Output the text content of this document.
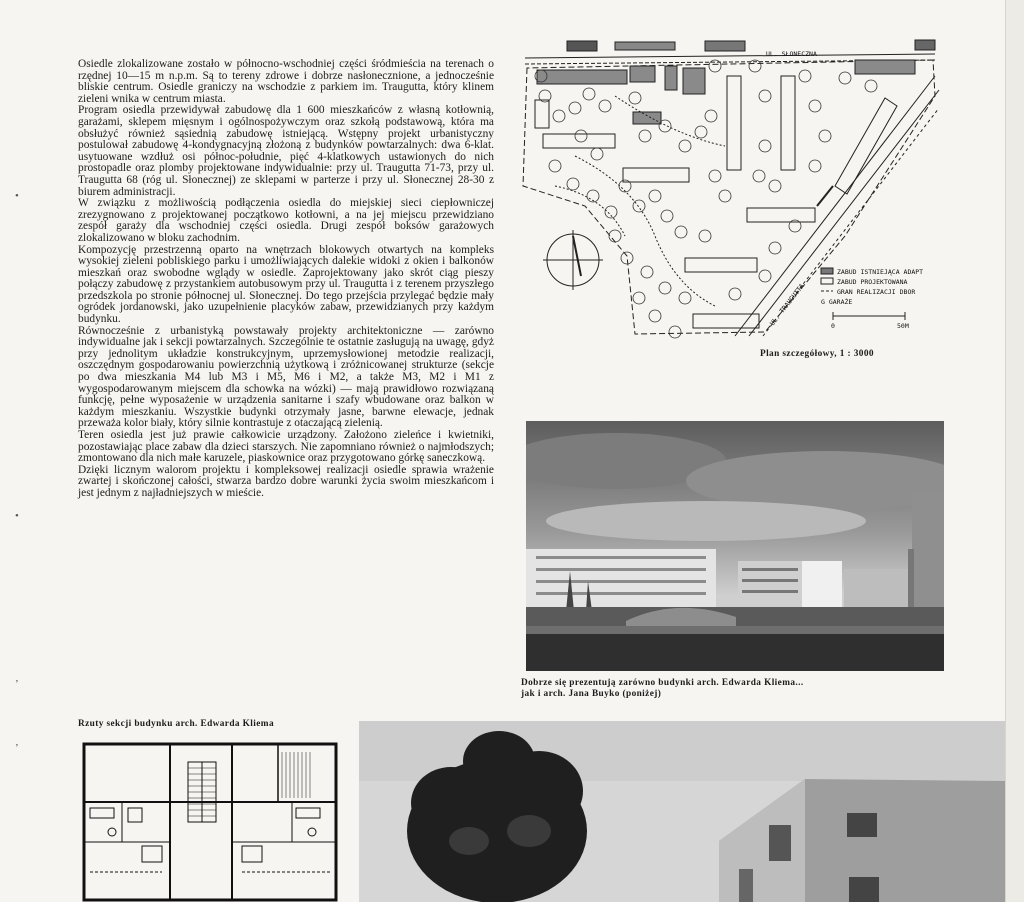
•
•
ʼ
ʼ

Osiedle zlokalizowane zostało w północno-wschodniej części śródmieścia na terenach o rzędnej 10—15 m n.p.m. Są to tereny zdrowe i dobrze nasłonecznione, a jednocześnie bliskie centrum. Osiedle graniczy na wschodzie z parkiem im. Traugutta, który klinem zieleni wnika w centrum miasta.

Program osiedla przewidywał zabudowę dla 1 600 mieszkańców z własną kotłownią, garażami, sklepem mięsnym i ogólnospożywczym oraz szkołą podstawową, która ma obsłużyć również sąsiednią zabudowę istniejącą. Wstępny projekt urbanistyczny postulował zabudowę 4-kondygnacyjną złożoną z budynków powtarzalnych: dwa 6-klat. usytuowane wzdłuż osi północ-południe, pięć 4-klatkowych ustawionych do nich prostopadle oraz plomby projektowane indywidualnie: przy ul. Traugutta 71-73, przy ul. Traugutta 68 (róg ul. Słonecznej) ze sklepami w parterze i przy ul. Słonecznej 28-30 z biurem administracji.

W związku z możliwością podłączenia osiedla do miejskiej sieci ciepłowniczej zrezygnowano z projektowanej początkowo kotłowni, a na jej miejscu przewidziano zespół garaży dla wschodniej części osiedla. Drugi zespół boksów garażowych zlokalizowano w bloku zachodnim.

Kompozycję przestrzenną oparto na wnętrzach blokowych otwartych na kompleks wysokiej zieleni pobliskiego parku i umożliwiających dalekie widoki z okien i balkonów mieszkań oraz swobodne wglądy w osiedle. Zaprojektowany jako skrót ciąg pieszy połączy zabudowę z przystankiem autobusowym przy ul. Traugutta i z terenem przyszłego przedszkola po stronie północnej ul. Słonecznej. Do tego przejścia przylegać będzie mały ogródek jordanowski, jako uzupełnienie placyków zabaw, przewidzianych przy każdym budynku.

Równocześnie z urbanistyką powstawały projekty architektoniczne — zarówno indywidualne jak i sekcji powtarzalnych. Szczególnie te ostatnie zasługują na uwagę, gdyż przy jednolitym układzie konstrukcyjnym, uprzemysłowionej metodzie realizacji, oszczędnym gospodarowaniu powierzchnią użytkową i zróżnicowanej strukturze (sekcje po dwa mieszkania M4 lub M3 i M5, M6 i M2, a także M3, M2 i M1 z wygospodarowanym miejscem dla schowka na wózki) — mają prawidłowo rozwiązaną funkcję, pełne wyposażenie w urządzenia sanitarne i szafy wbudowane oraz balkon w każdym mieszkaniu. Wszystkie budynki otrzymały jasne, barwne elewacje, jednak przeważa kolor biały, który silnie kontrastuje z otaczającą zielenią.

Teren osiedla jest już prawie całkowicie urządzony. Założono zieleńce i kwietniki, pozostawiając place zabaw dla dzieci starszych. Nie zapomniano również o najmłodszych; zmontowano dla nich małe karuzele, piaskownice oraz przygotowano górkę saneczkową.

Dzięki licznym walorom projektu i kompleksowej realizacji osiedle sprawia wrażenie zwartej i skończonej całości, stwarza bardzo dobre warunki życia swoim mieszkańcom i jest jednym z najładniejszych w mieście.

UL. SŁONECZNA
UL. TRAUGUTTA
ZABUD ISTNIEJĄCA ADAPT
ZABUD PROJEKTOWANA
GRAN REALIZACJI DBOR
G GARAŻE
0	50M
Plan szczegółowy, 1 : 3000
Dobrze się prezentują zarówno budynki arch. Edwarda Kliema...
jak i arch. Jana Buyko (poniżej)
Rzuty sekcji budynku arch. Edwarda Kliema
